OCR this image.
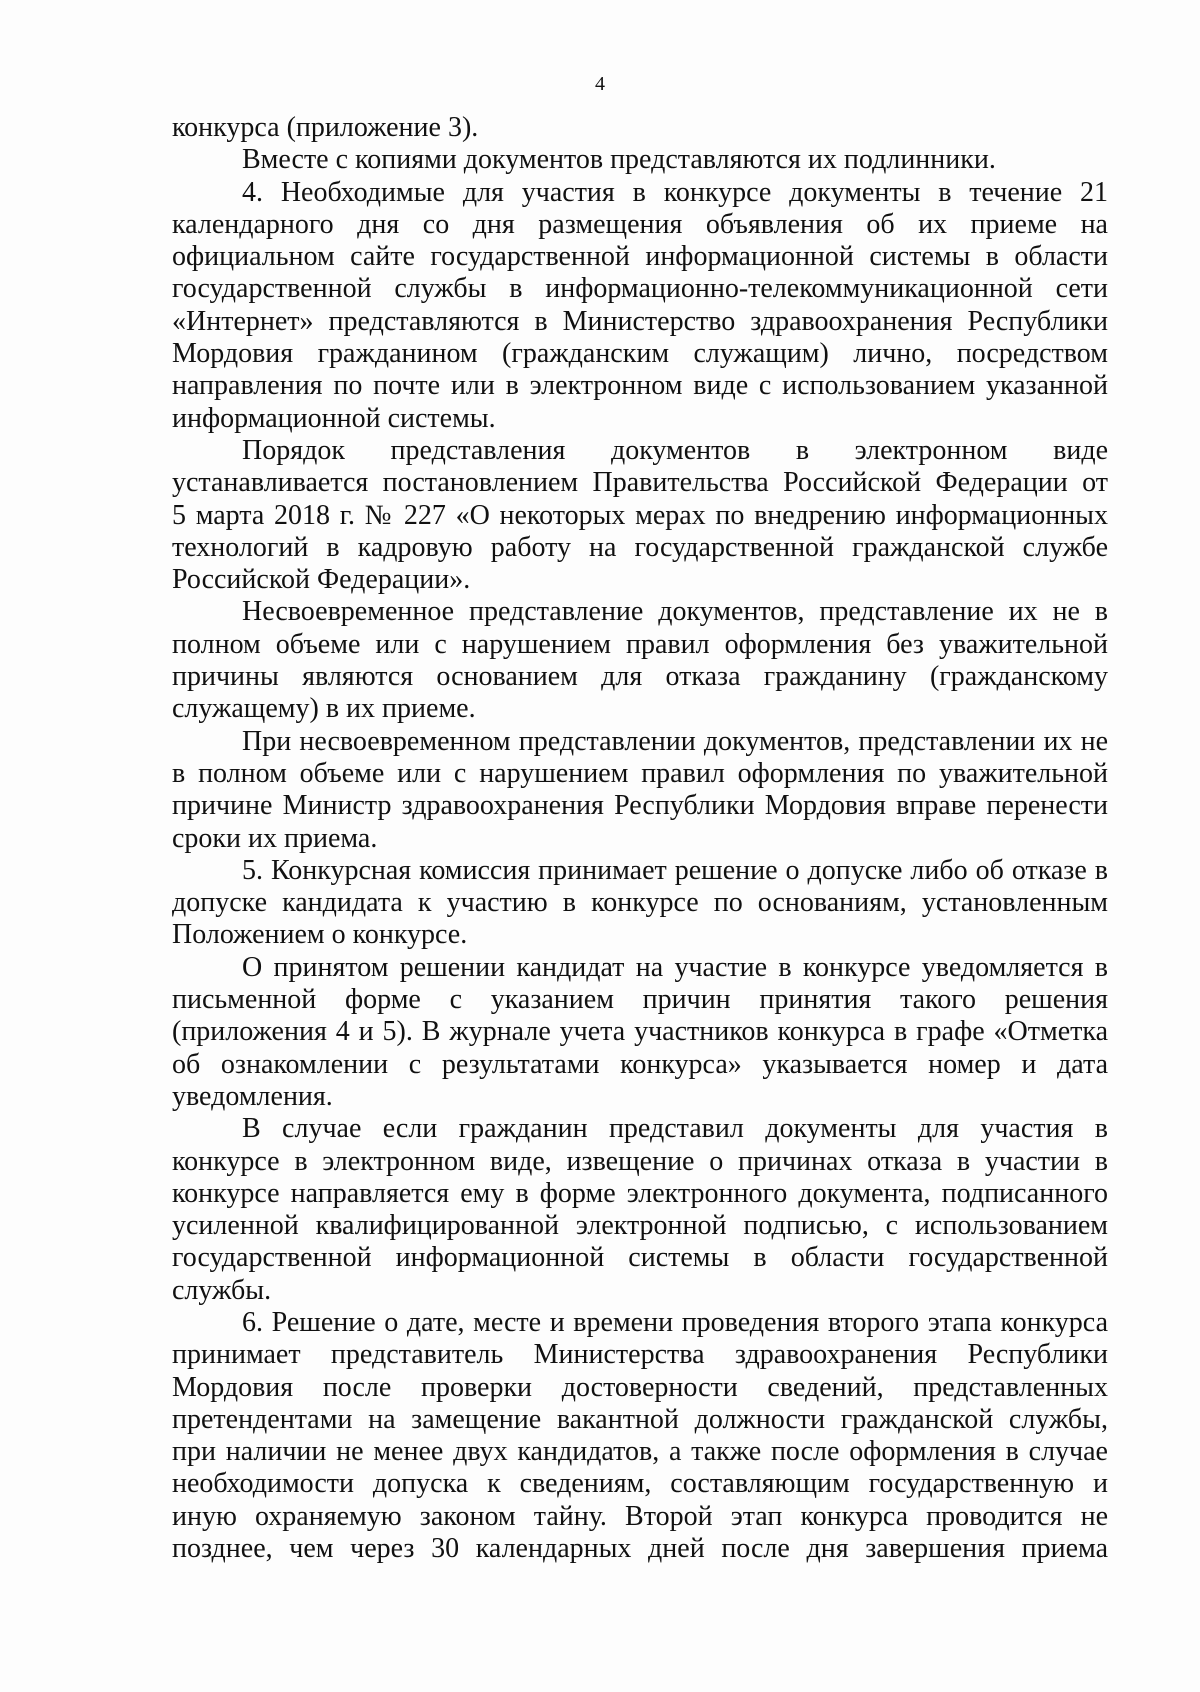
4
конкурса (приложение 3).
Вместе с копиями документов представляются их подлинники.
4. Необходимые для участия в конкурсе документы в течение 21
календарного дня со дня размещения объявления об их приеме на
официальном сайте государственной информационной системы в области
государственной службы в информационно-телекоммуникационной сети
«Интернет» представляются в Министерство здравоохранения Республики
Мордовия гражданином (гражданским служащим) лично, посредством
направления по почте или в электронном виде с использованием указанной
информационной системы.
Порядок представления документов в электронном виде
устанавливается постановлением Правительства Российской Федерации от
5 марта 2018 г. № 227 «О некоторых мерах по внедрению информационных
технологий в кадровую работу на государственной гражданской службе
Российской Федерации».
Несвоевременное представление документов, представление их не в
полном объеме или с нарушением правил оформления без уважительной
причины являются основанием для отказа гражданину (гражданскому
служащему) в их приеме.
При несвоевременном представлении документов, представлении их не
в полном объеме или с нарушением правил оформления по уважительной
причине Министр здравоохранения Республики Мордовия вправе перенести
сроки их приема.
5. Конкурсная комиссия принимает решение о допуске либо об отказе в
допуске кандидата к участию в конкурсе по основаниям, установленным
Положением о конкурсе.
О принятом решении кандидат на участие в конкурсе уведомляется в
письменной форме с указанием причин принятия такого решения
(приложения 4 и 5). В журнале учета участников конкурса в графе «Отметка
об ознакомлении с результатами конкурса» указывается номер и дата
уведомления.
В случае если гражданин представил документы для участия в
конкурсе в электронном виде, извещение о причинах отказа в участии в
конкурсе направляется ему в форме электронного документа, подписанного
усиленной квалифицированной электронной подписью, с использованием
государственной информационной системы в области государственной
службы.
6. Решение о дате, месте и времени проведения второго этапа конкурса
принимает представитель Министерства здравоохранения Республики
Мордовия после проверки достоверности сведений, представленных
претендентами на замещение вакантной должности гражданской службы,
при наличии не менее двух кандидатов, а также после оформления в случае
необходимости допуска к сведениям, составляющим государственную и
иную охраняемую законом тайну. Второй этап конкурса проводится не
позднее, чем через 30 календарных дней после дня завершения приема
